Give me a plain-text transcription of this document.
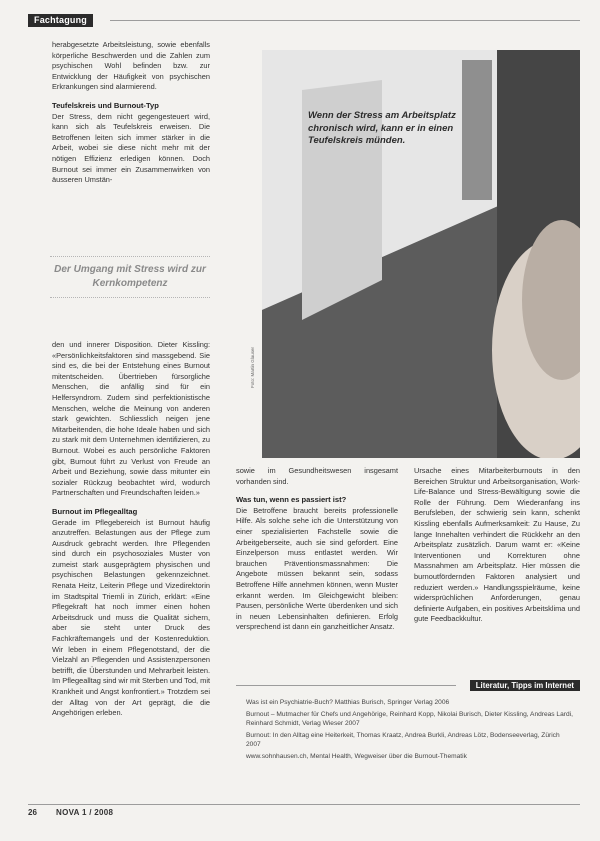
Fachtagung

herabgesetzte Arbeitsleistung, sowie ebenfalls körperliche Beschwerden und die Zahlen zum psychischen Wohl befinden bzw. zur Entwicklung der Häufigkeit von psychischen Erkrankungen sind alarmierend.

Teufelskreis und Burnout-Typ

Der Stress, dem nicht gegengesteuert wird, kann sich als Teufelskreis erweisen. Die Betroffenen leiten sich immer stärker in die Arbeit, wobei sie diese nicht mehr mit der nötigen Effizienz erledigen können. Doch Burnout sei immer ein Zusammenwirken von äusseren Umstän-

Der Umgang mit Stress wird zur Kernkompetenz

den und innerer Disposition. Dieter Kissling: «Persönlichkeitsfaktoren sind massgebend. Sie sind es, die bei der Entstehung eines Burnout mitentscheiden. Übertrieben fürsorgliche Menschen, die anfällig sind für ein Helfersyndrom. Zudem sind perfektionistische Menschen, welche die Meinung von anderen stark gewichten. Schliesslich neigen jene Mitarbeitenden, die hohe Ideale haben und sich zu stark mit dem Unternehmen identifizieren, zu Burnout. Wobei es auch persönliche Faktoren gibt, Burnout führt zu Verlust von Freude an Arbeit und Beziehung, sowie dass mitunter ein sozialer Rückzug beobachtet wird, wodurch Partnerschaften und Freundschaften leiden.»

Burnout im Pflegealltag

Gerade im Pflegebereich ist Burnout häufig anzutreffen. Belastungen aus der Pflege zum Ausdruck gebracht werden. Ihre Pflegenden sind durch ein psychosoziales Muster von zumeist stark ausgeprägtem physischen und psychischen Belastungen gekennzeichnet. Renata Heitz, Leiterin Pflege und Vizedirektorin im Stadtspital Triemli in Zürich, erklärt: «Eine Pflegekraft hat noch immer einen hohen Arbeitsdruck und muss die Qualität sichern, aber sie steht unter Druck des Fachkräftemangels und der Kostenreduktion. Wir leben in einem Pflegenotstand, der die Vielzahl an Pflegenden und Assistenzpersonen betrifft, die Überstunden und Mehrarbeit leisten. Im Pflegealltag sind wir mit Sterben und Tod, mit Krankheit und Angst konfrontiert.» Trotzdem sei der Alltag von der Art geprägt, die die Angehörigen erleben.

Wenn der Stress am Arbeitsplatz chronisch wird, kann er in einen Teufelskreis münden.
Foto: Martin Glauser

sowie im Gesundheitswesen insgesamt vorhanden sind.

Was tun, wenn es passiert ist?

Die Betroffene braucht bereits professionelle Hilfe. Als solche sehe ich die Unterstützung von einer spezialisierten Fachstelle sowie die Arbeitgeberseite, auch sie sind gefordert. Eine Einzelperson muss entlastet werden. Wir brauchen Präventionsmassnahmen: Die Angebote müssen bekannt sein, sodass Betroffene Hilfe annehmen können, wenn Muster erkannt werden. Im Gleichgewicht bleiben: Pausen, persönliche Werte überdenken und sich in neuen Lebensinhalten definieren. Erfolg versprechend ist dann ein ganzheitlicher Ansatz.

Ursache eines Mitarbeiterburnouts in den Bereichen Struktur und Arbeitsorganisation, Work-Life-Balance und Stress-Bewältigung sowie die Rolle der Führung. Dem Wiederanfang ins Berufsleben, der schwierig sein kann, schenkt Kissling ebenfalls Aufmerksamkeit: Zu Hause, Zu lange Innehalten verhindert die Rückkehr an den Arbeitsplatz zusätzlich. Darum warnt er: «Keine Interventionen und Korrekturen ohne Massnahmen am Arbeitsplatz. Hier müssen die burnoutfördernden Faktoren analysiert und reduziert werden.» Handlungsspielräume, keine widersprüchlichen Anforderungen, genau definierte Aufgaben, ein positives Arbeitsklima und gute Feedbackkultur.

Literatur, Tipps im Internet

Was ist ein Psychiatrie-Buch? Matthias Burisch, Springer Verlag 2006

Burnout – Mutmacher für Chefs und Angehörige, Reinhard Kopp, Nikolai Burisch, Dieter Kissling, Andreas Lardi, Reinhard Schmidt, Verlag Wieser 2007

Burnout: In den Alltag eine Heiterkeit, Thomas Kraatz, Andrea Burkli, Andreas Lötz, Bodenseeverlag, Zürich 2007

www.sohnhausen.ch, Mental Health, Wegweiser über die Burnout-Thematik

26 NOVA 1 / 2008
